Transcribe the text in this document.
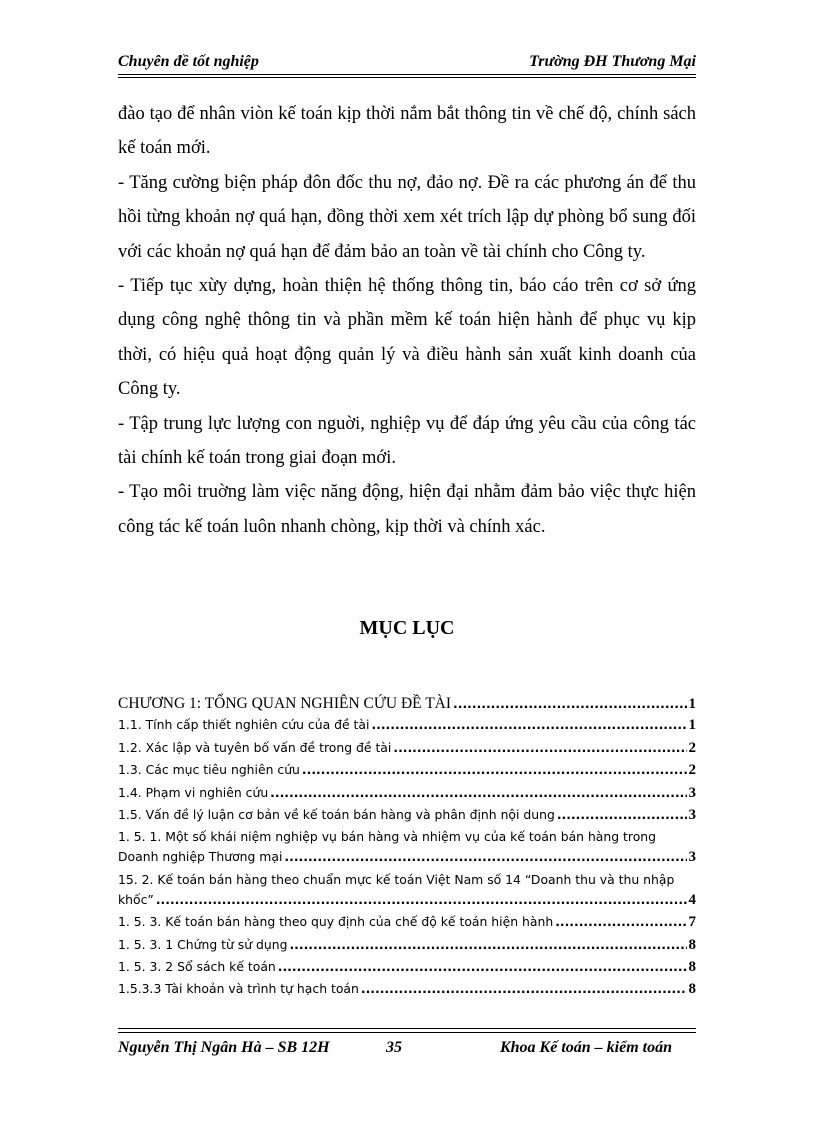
Chuyên đề tốt nghiệp	Trường ĐH Thương Mại

đào tạo để nhân viòn kế toán kịp thời nắm bắt thông tin về chế độ, chính sách kế toán mới.

- Tăng cường biện pháp đôn đốc thu nợ, đảo nợ. Đề ra các phương án để thu hồi từng khoản nợ quá hạn, đồng thời xem xét trích lập dự phòng bổ sung đối với các khoản nợ quá hạn để đảm bảo an toàn về tài chính cho Công ty.

- Tiếp tục xừy dựng, hoàn thiện hệ thống thông tin, báo cáo trên cơ sở ứng dụng công nghệ thông tin và phần mềm kế toán hiện hành để phục vụ kịp thời, có hiệu quả hoạt động quản lý và điều hành sản xuất kinh doanh của Công ty.

- Tập trung lực lượng con nguời, nghiệp vụ để đáp ứng yêu cầu của công tác tài chính kế toán trong giai đoạn mới.

- Tạo môi truờng làm việc năng động, hiện đại nhằm đảm bảo việc thực hiện công tác kế toán luôn nhanh chòng, kịp thời và chính xác.

MỤC LỤC
CHƯƠNG 1: TỔNG QUAN NGHIÊN CỨU ĐỀ TÀI .....	1
1.1. Tính cấp thiết nghiên cứu của đề tài .....	1
1.2. Xác lập và tuyên bố vấn đề trong đề tài .....	2
1.3. Các mục tiêu nghiên cứu .....	2
1.4. Phạm vi nghiên cứu .....	3
1.5. Vấn đề lý luận cơ bản về kế toán bán hàng và phân định nội dung .....	3
1. 5. 1. Một số khái niệm nghiệp vụ bán hàng và nhiệm vụ của kế toán bán hàng trong
Doanh nghiệp Thương mại .....	3
15. 2. Kế toán bán hàng theo chuẩn mực kế toán Việt Nam số 14 “Doanh thu và thu nhập
khốc” .....	4
1. 5. 3. Kế toán bán hàng theo quy định của chế độ kế toán hiện hành .....	7
1. 5. 3. 1 Chứng từ sử dụng .....	8
1. 5. 3. 2 Sổ sách kế toán .....	8
1.5.3.3 Tài khoản và trình tự hạch toán .....	8
Nguyễn Thị Ngân Hà – SB 12H	35	Khoa Kế toán – kiểm toán
